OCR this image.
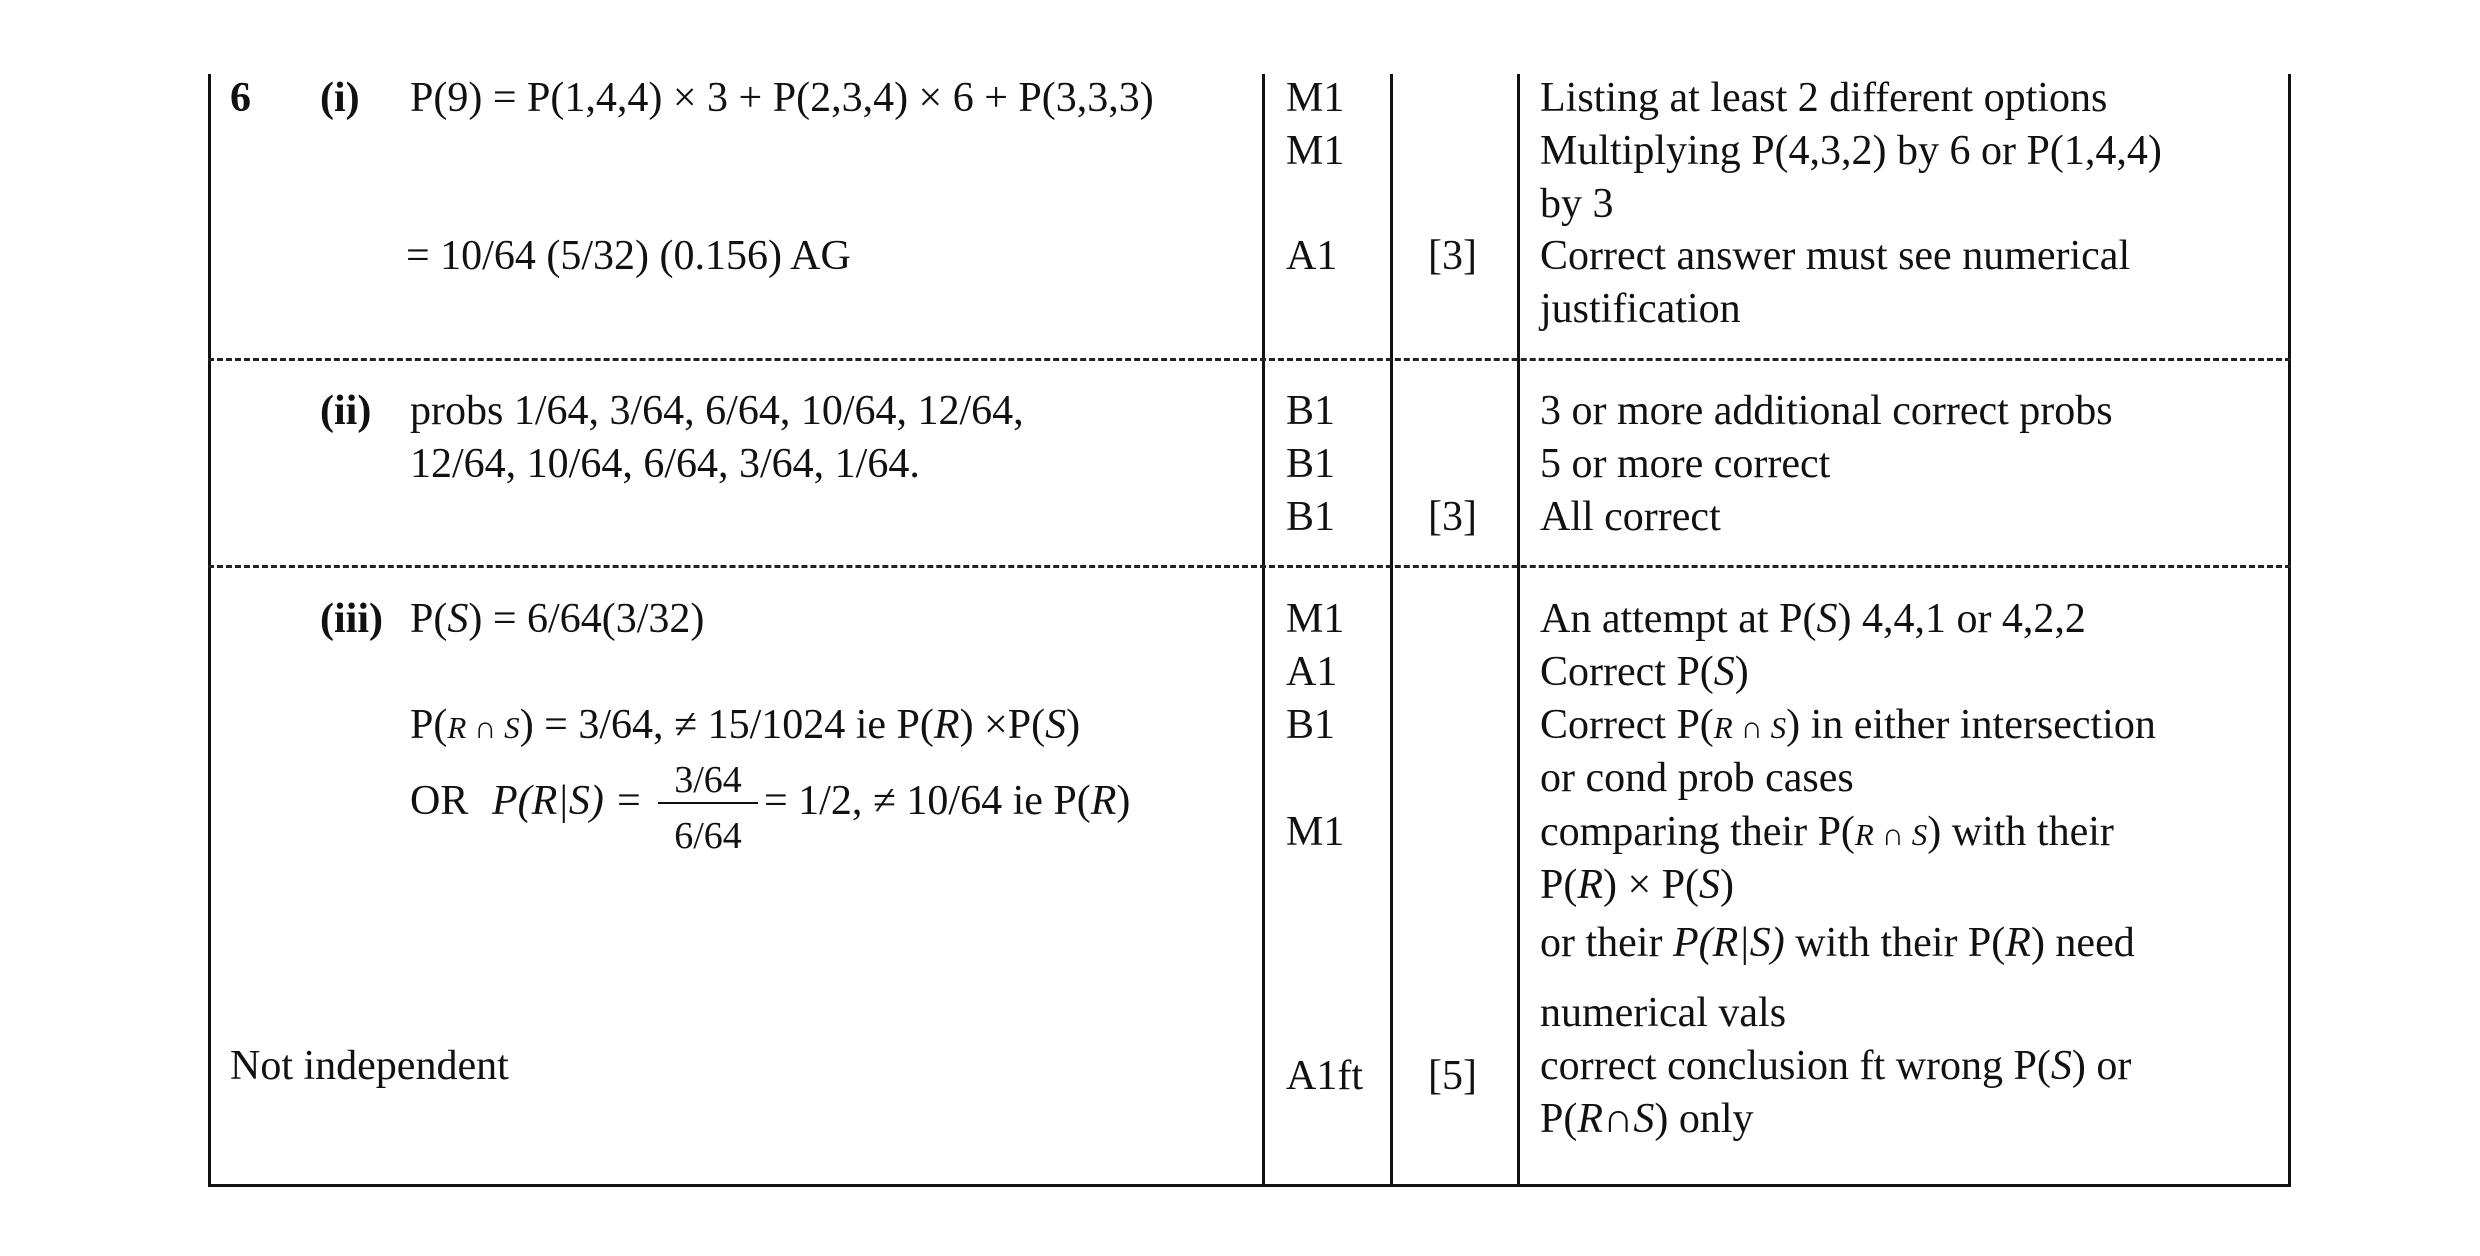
6 (i) P(9) = P(1,4,4) × 3 + P(2,3,4) × 6 + P(3,3,3)
= 10/64 (5/32) (0.156) AG
M1
M1
A1 [3]
Listing at least 2 different options
Multiplying P(4,3,2) by 6 or P(1,4,4)
by 3
Correct answer must see numerical
justification
(ii) probs 1/64, 3/64, 6/64, 10/64, 12/64,
12/64, 10/64, 6/64, 3/64, 1/64.
B1
B1
B1 [3]
3 or more additional correct probs
5 or more correct
All correct
(iii) P(S) = 6/64(3/32)
P(R ∩ S) = 3/64, ≠ 15/1024 ie P(R) ×P(S)
OR P(R|S) = 3/64
6/64
= 1/2, ≠ 10/64 ie P(R)
Not independent
M1
A1
B1
M1
A1ft [5]
An attempt at P(S) 4,4,1 or 4,2,2
Correct P(S)
Correct P(R ∩ S) in either intersection
or cond prob cases
comparing their P(R ∩ S) with their
P(R) × P(S)
or their P(R|S) with their P(R) need
numerical vals
correct conclusion ft wrong P(S) or
P(R∩S) only
